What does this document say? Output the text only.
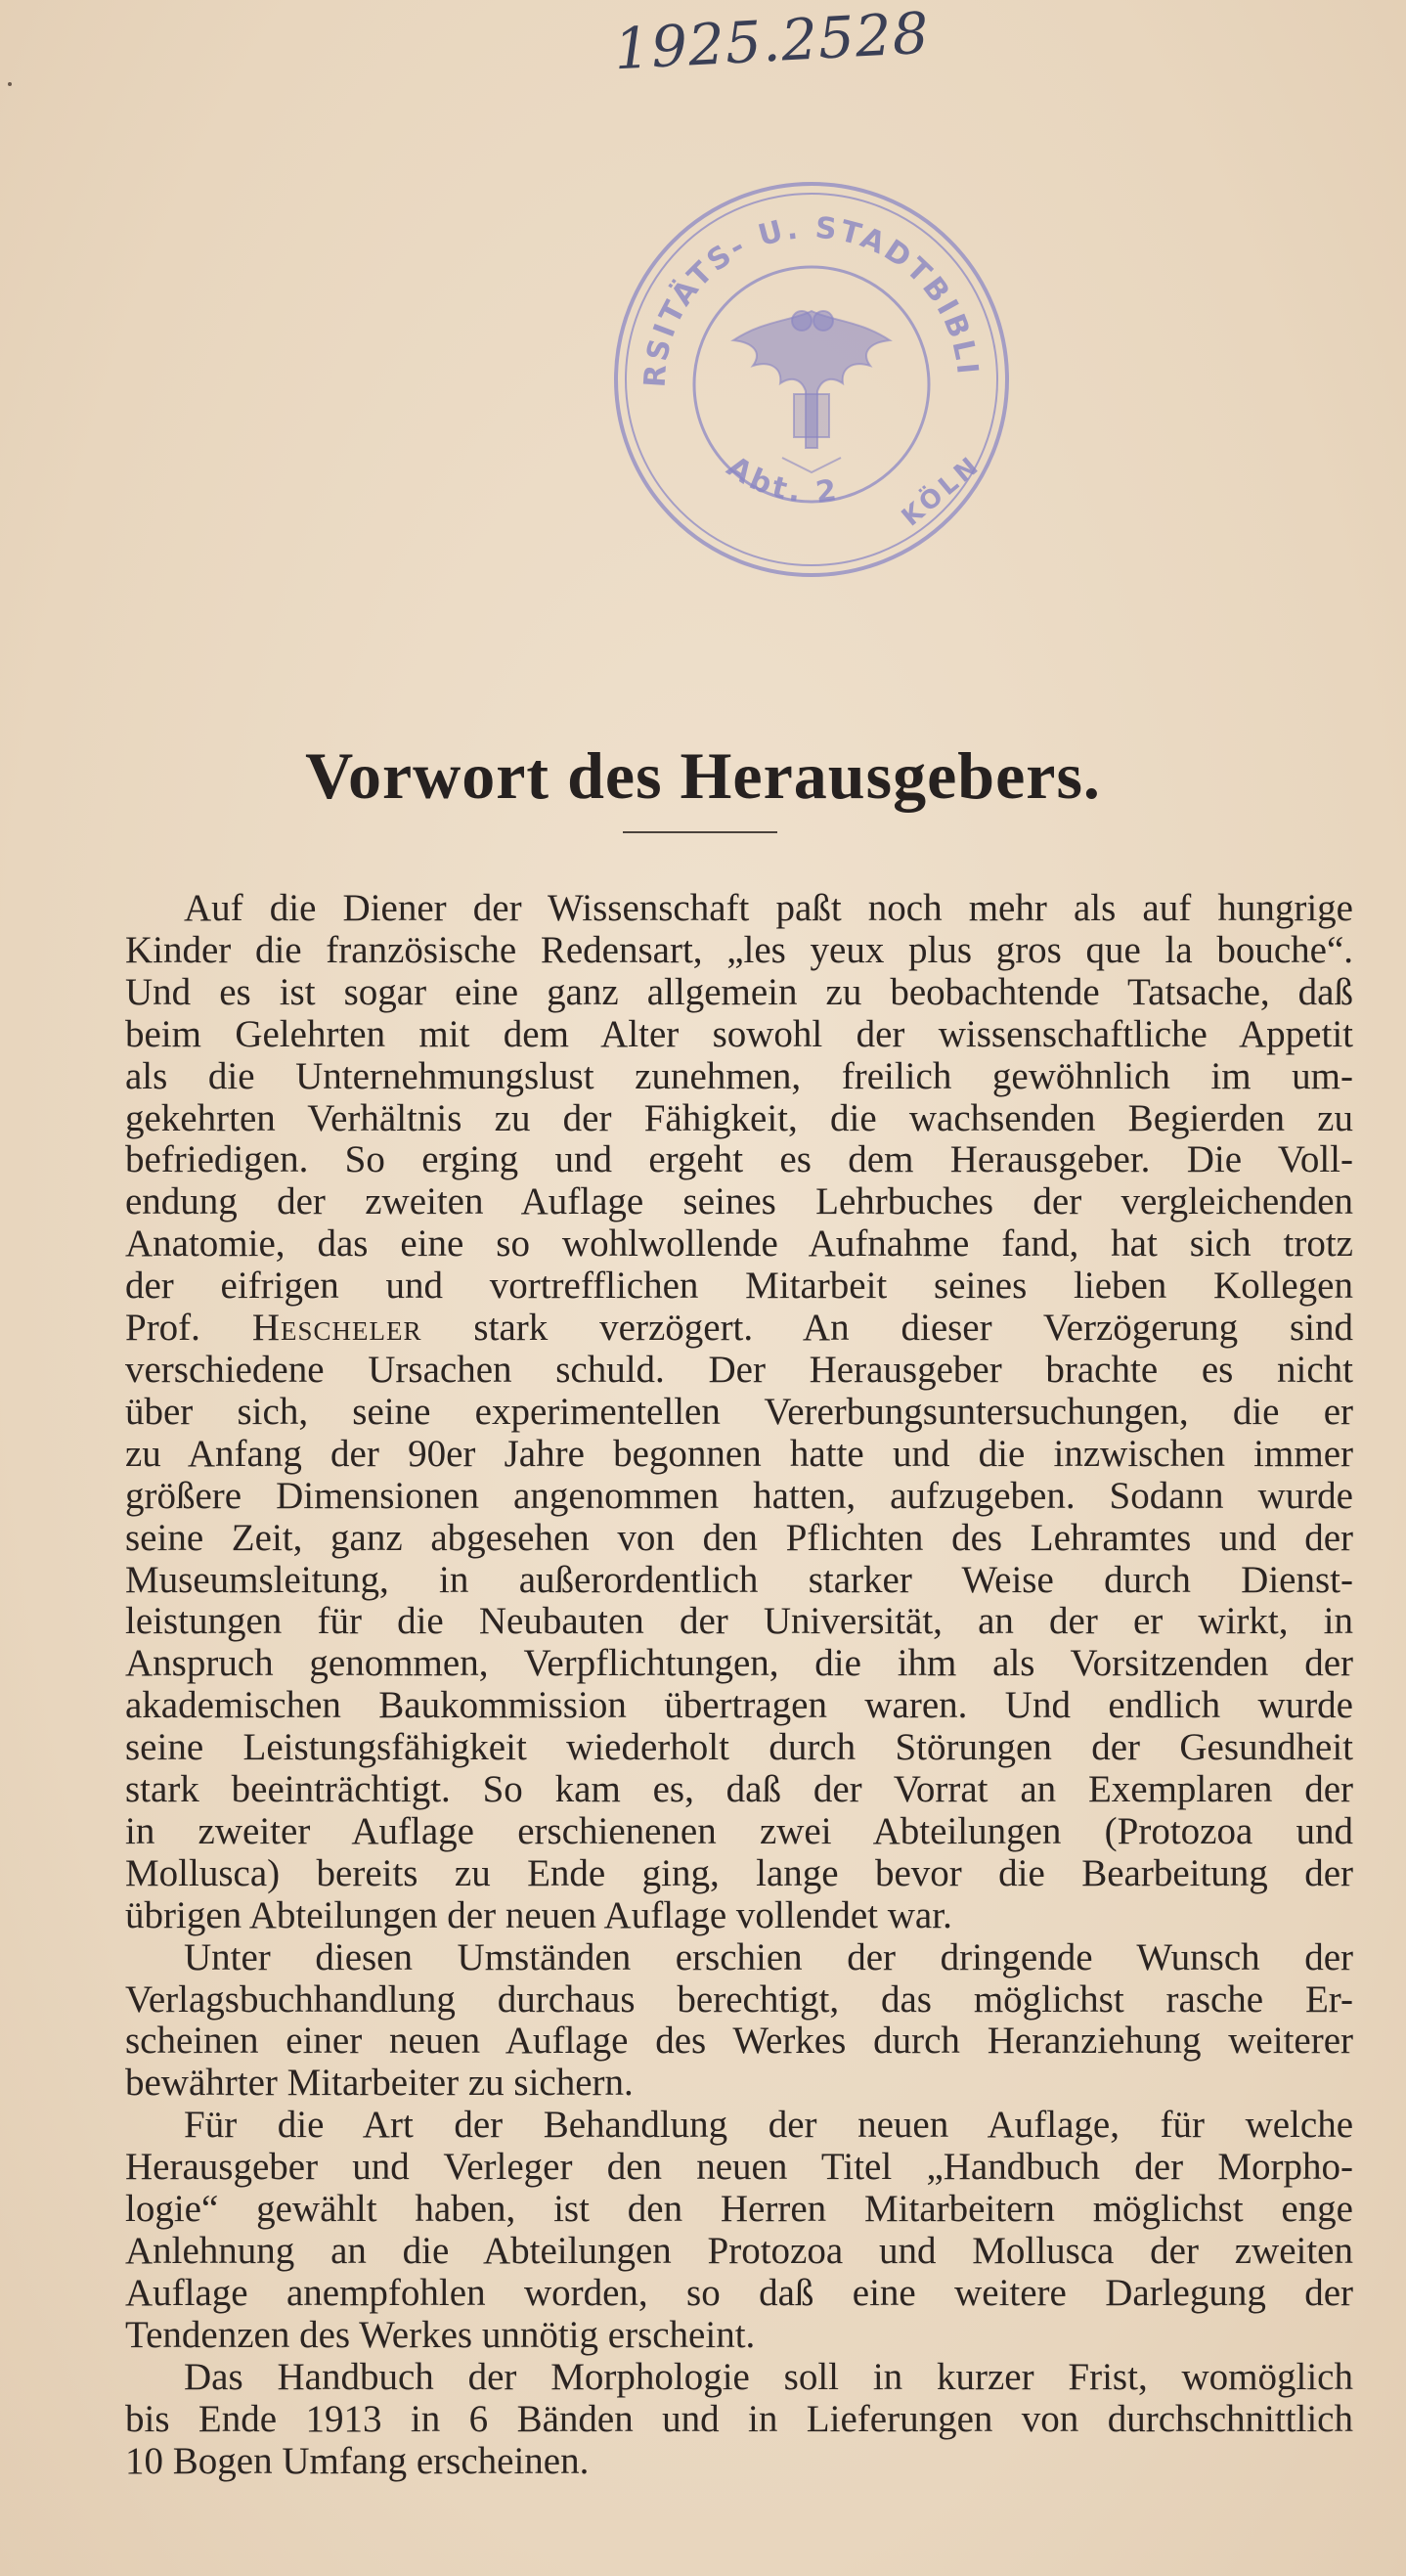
1925.2528
RSITÄTS- U. STADTBIBLI
Abt. 2 KÖLN
Vorwort des Herausgebers.
Auf die Diener der Wissenschaft paßt noch mehr als auf hungrige
Kinder die französische Redensart, „les yeux plus gros que la bouche“.
Und es ist sogar eine ganz allgemein zu beobachtende Tatsache, daß
beim Gelehrten mit dem Alter sowohl der wissenschaftliche Appetit
als die Unternehmungslust zunehmen, freilich gewöhnlich im um-
gekehrten Verhältnis zu der Fähigkeit, die wachsenden Begierden zu
befriedigen. So erging und ergeht es dem Herausgeber. Die Voll-
endung der zweiten Auflage seines Lehrbuches der vergleichenden
Anatomie, das eine so wohlwollende Aufnahme fand, hat sich trotz
der eifrigen und vortrefflichen Mitarbeit seines lieben Kollegen
Prof. Hescheler stark verzögert. An dieser Verzögerung sind
verschiedene Ursachen schuld. Der Herausgeber brachte es nicht
über sich, seine experimentellen Vererbungsuntersuchungen, die er
zu Anfang der 90er Jahre begonnen hatte und die inzwischen immer
größere Dimensionen angenommen hatten, aufzugeben. Sodann wurde
seine Zeit, ganz abgesehen von den Pflichten des Lehramtes und der
Museumsleitung, in außerordentlich starker Weise durch Dienst-
leistungen für die Neubauten der Universität, an der er wirkt, in
Anspruch genommen, Verpflichtungen, die ihm als Vorsitzenden der
akademischen Baukommission übertragen waren. Und endlich wurde
seine Leistungsfähigkeit wiederholt durch Störungen der Gesundheit
stark beeinträchtigt. So kam es, daß der Vorrat an Exemplaren der
in zweiter Auflage erschienenen zwei Abteilungen (Protozoa und
Mollusca) bereits zu Ende ging, lange bevor die Bearbeitung der
übrigen Abteilungen der neuen Auflage vollendet war.
Unter diesen Umständen erschien der dringende Wunsch der
Verlagsbuchhandlung durchaus berechtigt, das möglichst rasche Er-
scheinen einer neuen Auflage des Werkes durch Heranziehung weiterer
bewährter Mitarbeiter zu sichern.
Für die Art der Behandlung der neuen Auflage, für welche
Herausgeber und Verleger den neuen Titel „Handbuch der Morpho-
logie“ gewählt haben, ist den Herren Mitarbeitern möglichst enge
Anlehnung an die Abteilungen Protozoa und Mollusca der zweiten
Auflage anempfohlen worden, so daß eine weitere Darlegung der
Tendenzen des Werkes unnötig erscheint.
Das Handbuch der Morphologie soll in kurzer Frist, womöglich
bis Ende 1913 in 6 Bänden und in Lieferungen von durchschnittlich
10 Bogen Umfang erscheinen.
